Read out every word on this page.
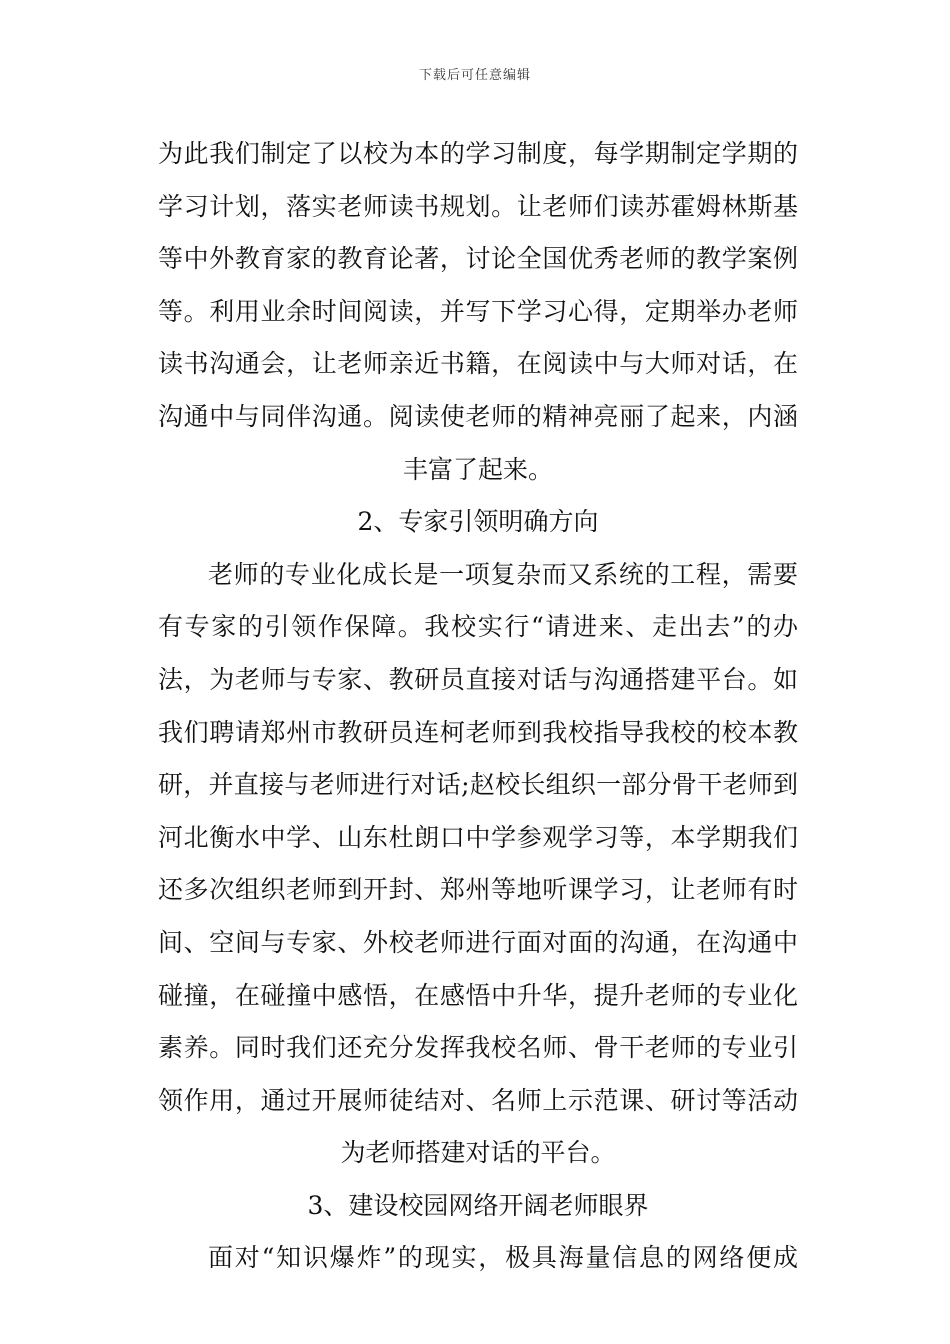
下载后可任意编辑
为此我们制定了以校为本的学习制度，每学期制定学期的
学习计划，落实老师读书规划。让老师们读苏霍姆林斯基
等中外教育家的教育论著，讨论全国优秀老师的教学案例
等。利用业余时间阅读，并写下学习心得，定期举办老师
读书沟通会，让老师亲近书籍，在阅读中与大师对话，在
沟通中与同伴沟通。阅读使老师的精神亮丽了起来，内涵
丰富了起来。
2、专家引领明确方向
老师的专业化成长是一项复杂而又系统的工程，需要
有专家的引领作保障。我校实行“请进来、走出去”的办
法，为老师与专家、教研员直接对话与沟通搭建平台。如
我们聘请郑州市教研员连柯老师到我校指导我校的校本教
研，并直接与老师进行对话;赵校长组织一部分骨干老师到
河北衡水中学、山东杜朗口中学参观学习等，本学期我们
还多次组织老师到开封、郑州等地听课学习，让老师有时
间、空间与专家、外校老师进行面对面的沟通，在沟通中
碰撞，在碰撞中感悟，在感悟中升华，提升老师的专业化
素养。同时我们还充分发挥我校名师、骨干老师的专业引
领作用，通过开展师徒结对、名师上示范课、研讨等活动
为老师搭建对话的平台。
3、建设校园网络开阔老师眼界
面对“知识爆炸”的现实，极具海量信息的网络便成
